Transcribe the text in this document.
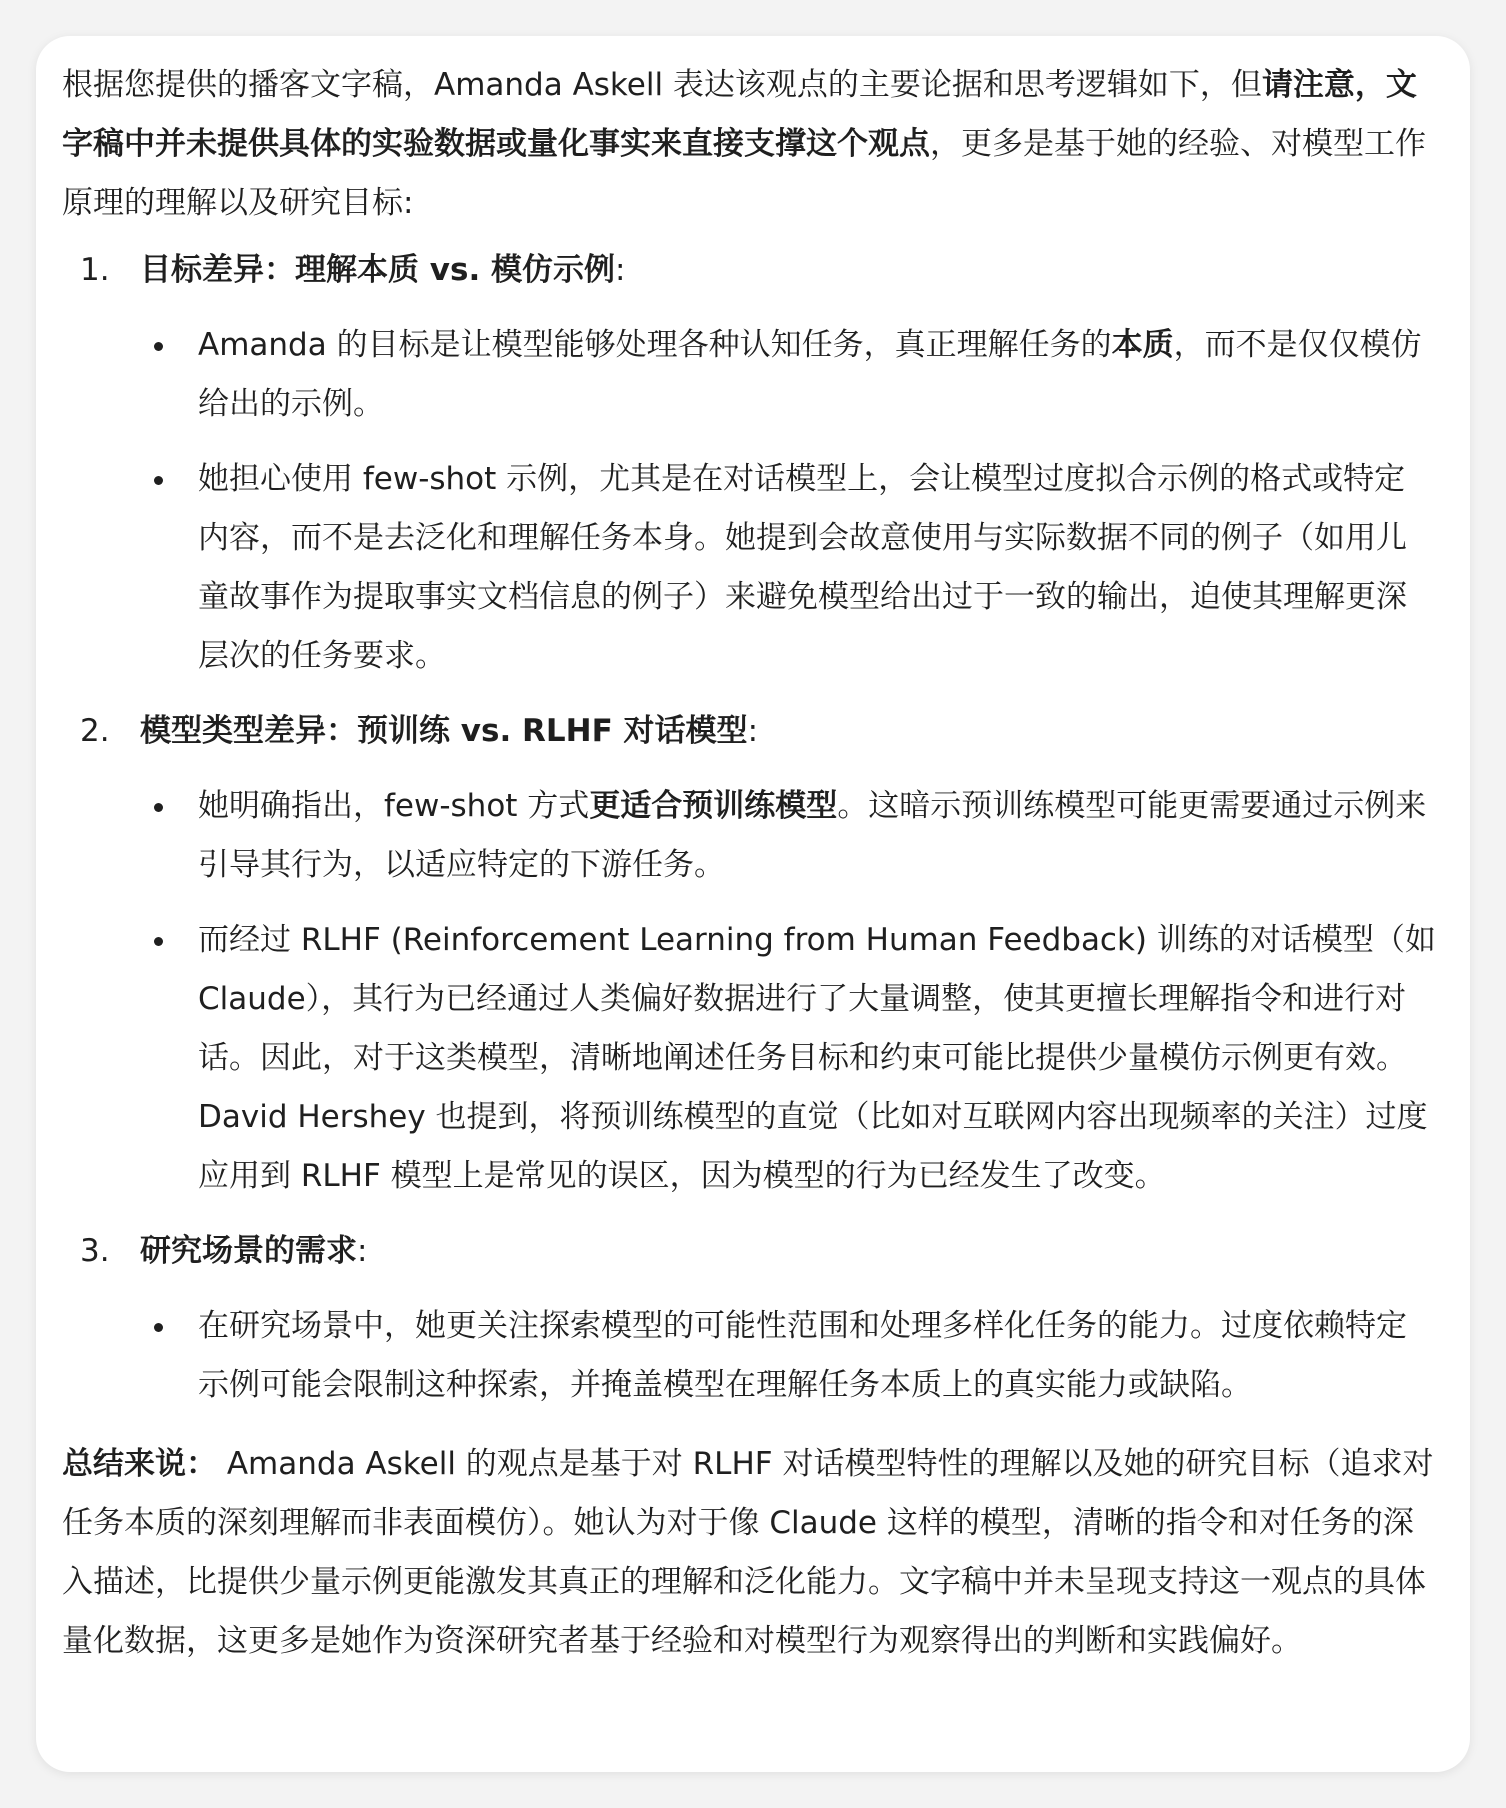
根据您提供的播客文字稿，Amanda Askell 表达该观点的主要论据和思考逻辑如下，但请注意，文字稿中并未提供具体的实验数据或量化事实来直接支撑这个观点，更多是基于她的经验、对模型工作原理的理解以及研究目标:

1. 目标差异：理解本质 vs. 模仿示例:
Amanda 的目标是让模型能够处理各种认知任务，真正理解任务的本质，而不是仅仅模仿给出的示例。
她担心使用 few-shot 示例，尤其是在对话模型上，会让模型过度拟合示例的格式或特定内容，而不是去泛化和理解任务本身。她提到会故意使用与实际数据不同的例子（如用儿童故事作为提取事实文档信息的例子）来避免模型给出过于一致的输出，迫使其理解更深层次的任务要求。
2. 模型类型差异：预训练 vs. RLHF 对话模型:
她明确指出，few-shot 方式更适合预训练模型。这暗示预训练模型可能更需要通过示例来引导其行为，以适应特定的下游任务。
而经过 RLHF (Reinforcement Learning from Human Feedback) 训练的对话模型（如 Claude），其行为已经通过人类偏好数据进行了大量调整，使其更擅长理解指令和进行对话。因此，对于这类模型，清晰地阐述任务目标和约束可能比提供少量模仿示例更有效。David Hershey 也提到，将预训练模型的直觉（比如对互联网内容出现频率的关注）过度应用到 RLHF 模型上是常见的误区，因为模型的行为已经发生了改变。
3. 研究场景的需求:
在研究场景中，她更关注探索模型的可能性范围和处理多样化任务的能力。过度依赖特定示例可能会限制这种探索，并掩盖模型在理解任务本质上的真实能力或缺陷。

总结来说： Amanda Askell 的观点是基于对 RLHF 对话模型特性的理解以及她的研究目标（追求对任务本质的深刻理解而非表面模仿）。她认为对于像 Claude 这样的模型，清晰的指令和对任务的深入描述，比提供少量示例更能激发其真正的理解和泛化能力。文字稿中并未呈现支持这一观点的具体量化数据，这更多是她作为资深研究者基于经验和对模型行为观察得出的判断和实践偏好。
